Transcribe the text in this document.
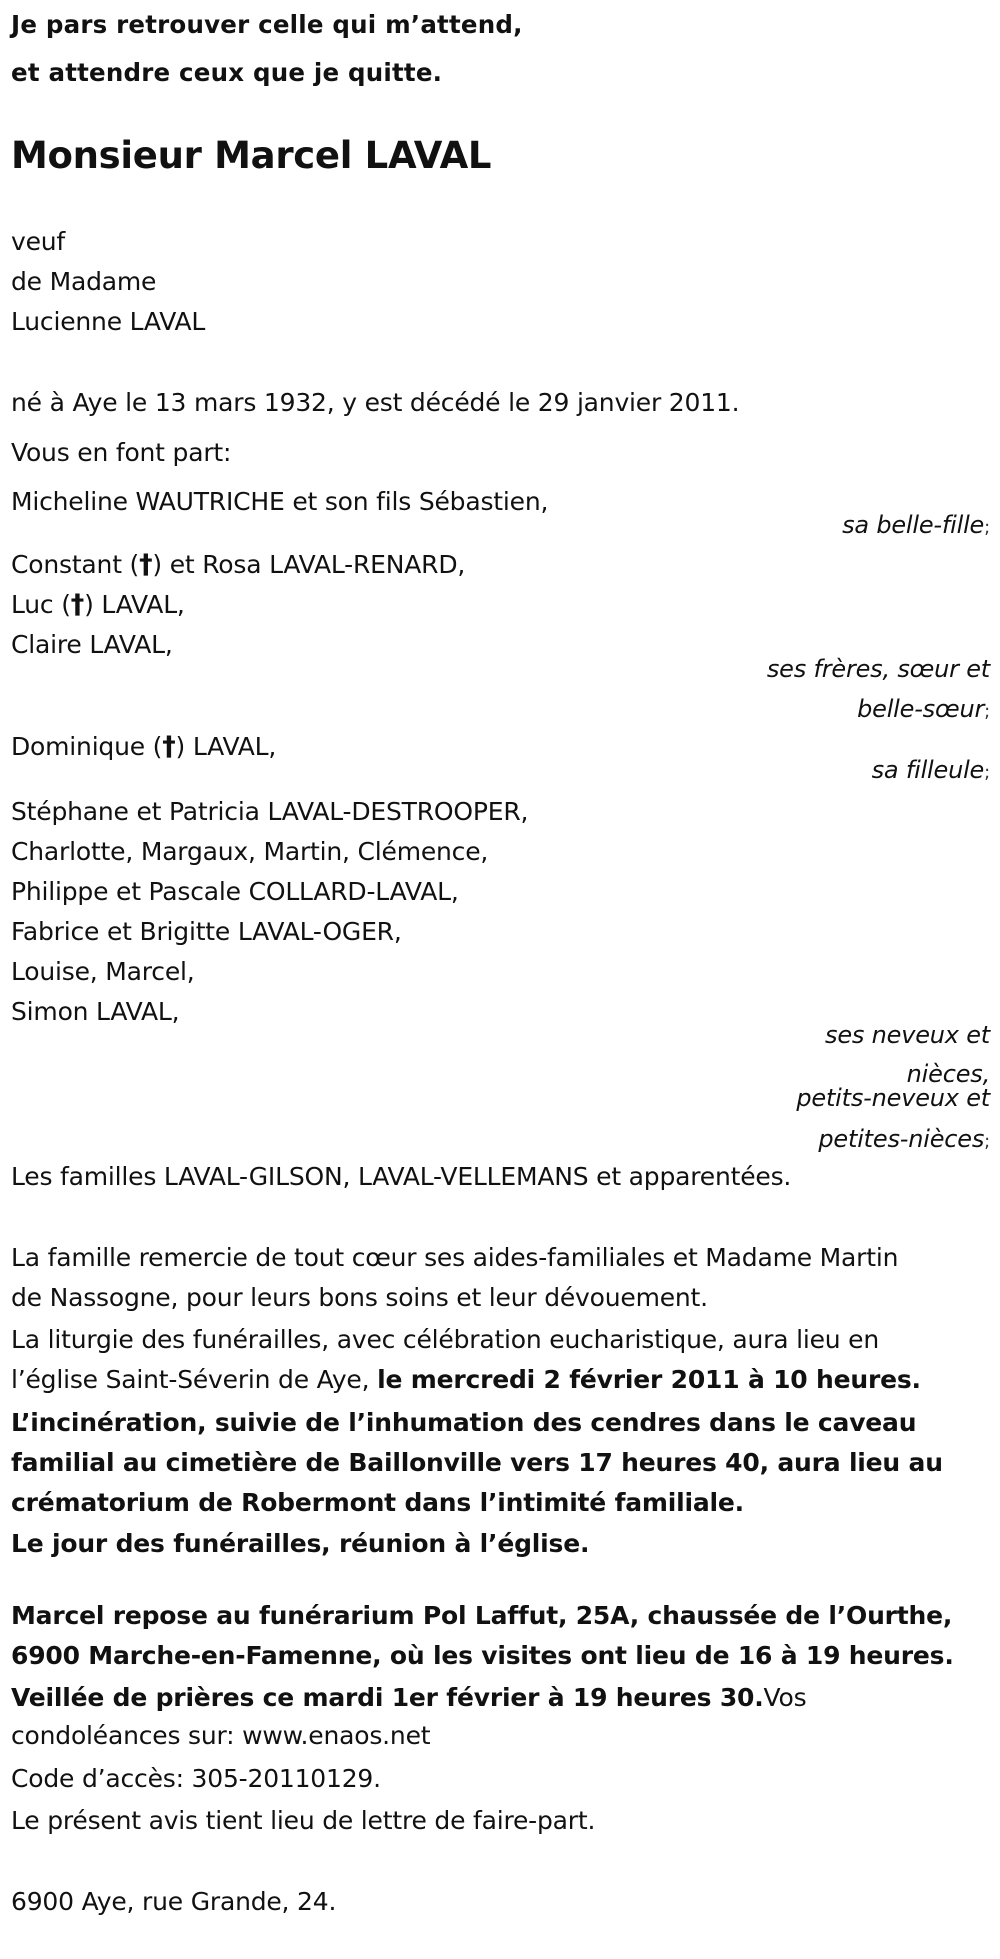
Je pars retrouver celle qui m’attend,
et attendre ceux que je quitte.
Monsieur Marcel LAVAL
veuf
de Madame
Lucienne LAVAL
né à Aye le 13 mars 1932, y est décédé le 29 janvier 2011.
Vous en font part:
Micheline WAUTRICHE et son fils Sébastien,
sa belle-fille;
Constant (†) et Rosa LAVAL-RENARD,
Luc (†) LAVAL,
Claire LAVAL,
ses frères, sœur et
belle-sœur;
Dominique (†) LAVAL,
sa filleule;
Stéphane et Patricia LAVAL-DESTROOPER,
Charlotte, Margaux, Martin, Clémence,
Philippe et Pascale COLLARD-LAVAL,
Fabrice et Brigitte LAVAL-OGER,
Louise, Marcel,
Simon LAVAL,
ses neveux et
nièces,
petits-neveux et
petites-nièces;
Les familles LAVAL-GILSON, LAVAL-VELLEMANS et apparentées.
La famille remercie de tout cœur ses aides-familiales et Madame Martin
de Nassogne, pour leurs bons soins et leur dévouement.
La liturgie des funérailles, avec célébration eucharistique, aura lieu en
l’église Saint-Séverin de Aye, le mercredi 2 février 2011 à 10 heures.
L’incinération, suivie de l’inhumation des cendres dans le caveau
familial au cimetière de Baillonville vers 17 heures 40, aura lieu au
crématorium de Robermont dans l’intimité familiale.
Le jour des funérailles, réunion à l’église.
Marcel repose au funérarium Pol Laffut, 25A, chaussée de l’Ourthe,
6900 Marche-en-Famenne, où les visites ont lieu de 16 à 19 heures.
Veillée de prières ce mardi 1er février à 19 heures 30.Vos
condoléances sur: www.enaos.net
Code d’accès: 305-20110129.
Le présent avis tient lieu de lettre de faire-part.
6900 Aye, rue Grande, 24.
